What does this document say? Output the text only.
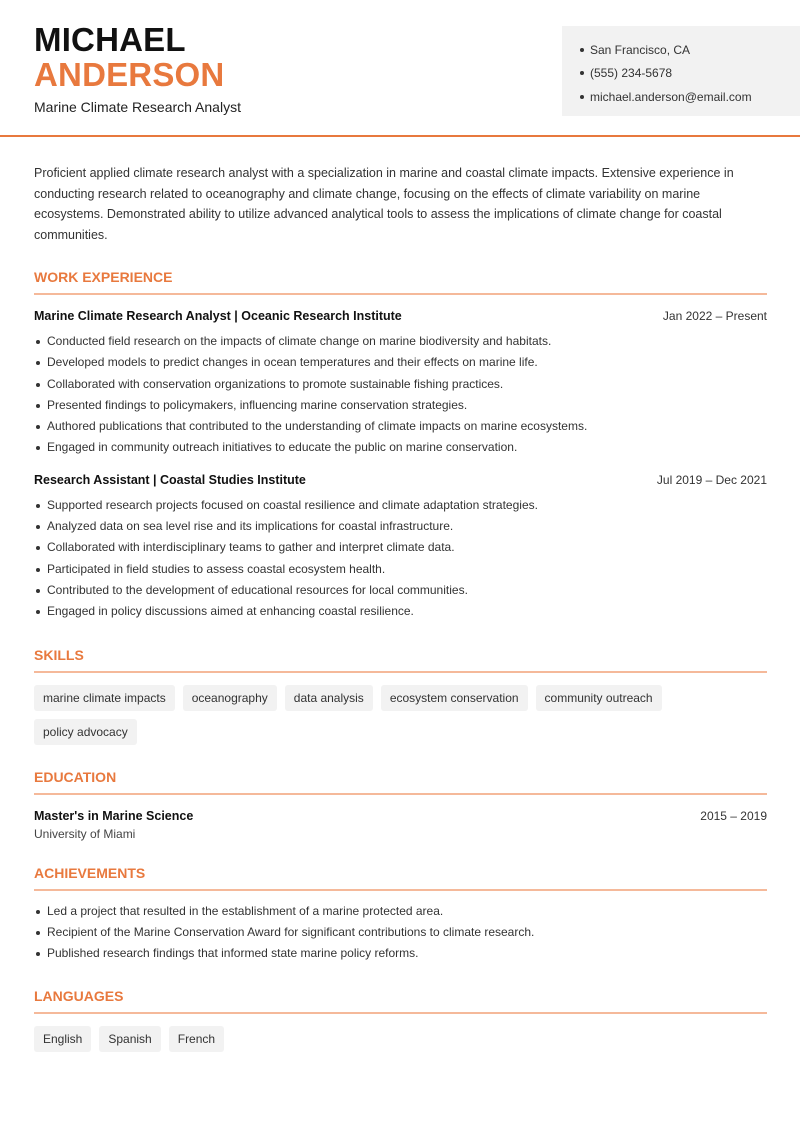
MICHAEL
ANDERSON
Marine Climate Research Analyst
San Francisco, CA
(555) 234-5678
michael.anderson@email.com

Proficient applied climate research analyst with a specialization in marine and coastal climate impacts. Extensive experience in conducting research related to oceanography and climate change, focusing on the effects of climate variability on marine ecosystems. Demonstrated ability to utilize advanced analytical tools to assess the implications of climate change for coastal communities.

WORK EXPERIENCE
Marine Climate Research Analyst | Oceanic Research Institute	Jan 2022 – Present
Conducted field research on the impacts of climate change on marine biodiversity and habitats.
Developed models to predict changes in ocean temperatures and their effects on marine life.
Collaborated with conservation organizations to promote sustainable fishing practices.
Presented findings to policymakers, influencing marine conservation strategies.
Authored publications that contributed to the understanding of climate impacts on marine ecosystems.
Engaged in community outreach initiatives to educate the public on marine conservation.
Research Assistant | Coastal Studies Institute	Jul 2019 – Dec 2021
Supported research projects focused on coastal resilience and climate adaptation strategies.
Analyzed data on sea level rise and its implications for coastal infrastructure.
Collaborated with interdisciplinary teams to gather and interpret climate data.
Participated in field studies to assess coastal ecosystem health.
Contributed to the development of educational resources for local communities.
Engaged in policy discussions aimed at enhancing coastal resilience.
SKILLS
marine climate impacts	oceanography	data analysis	ecosystem conservation	community outreach
policy advocacy
EDUCATION
Master's in Marine Science
University of Miami
2015 – 2019
ACHIEVEMENTS
Led a project that resulted in the establishment of a marine protected area.
Recipient of the Marine Conservation Award for significant contributions to climate research.
Published research findings that informed state marine policy reforms.
LANGUAGES
English	Spanish	French
